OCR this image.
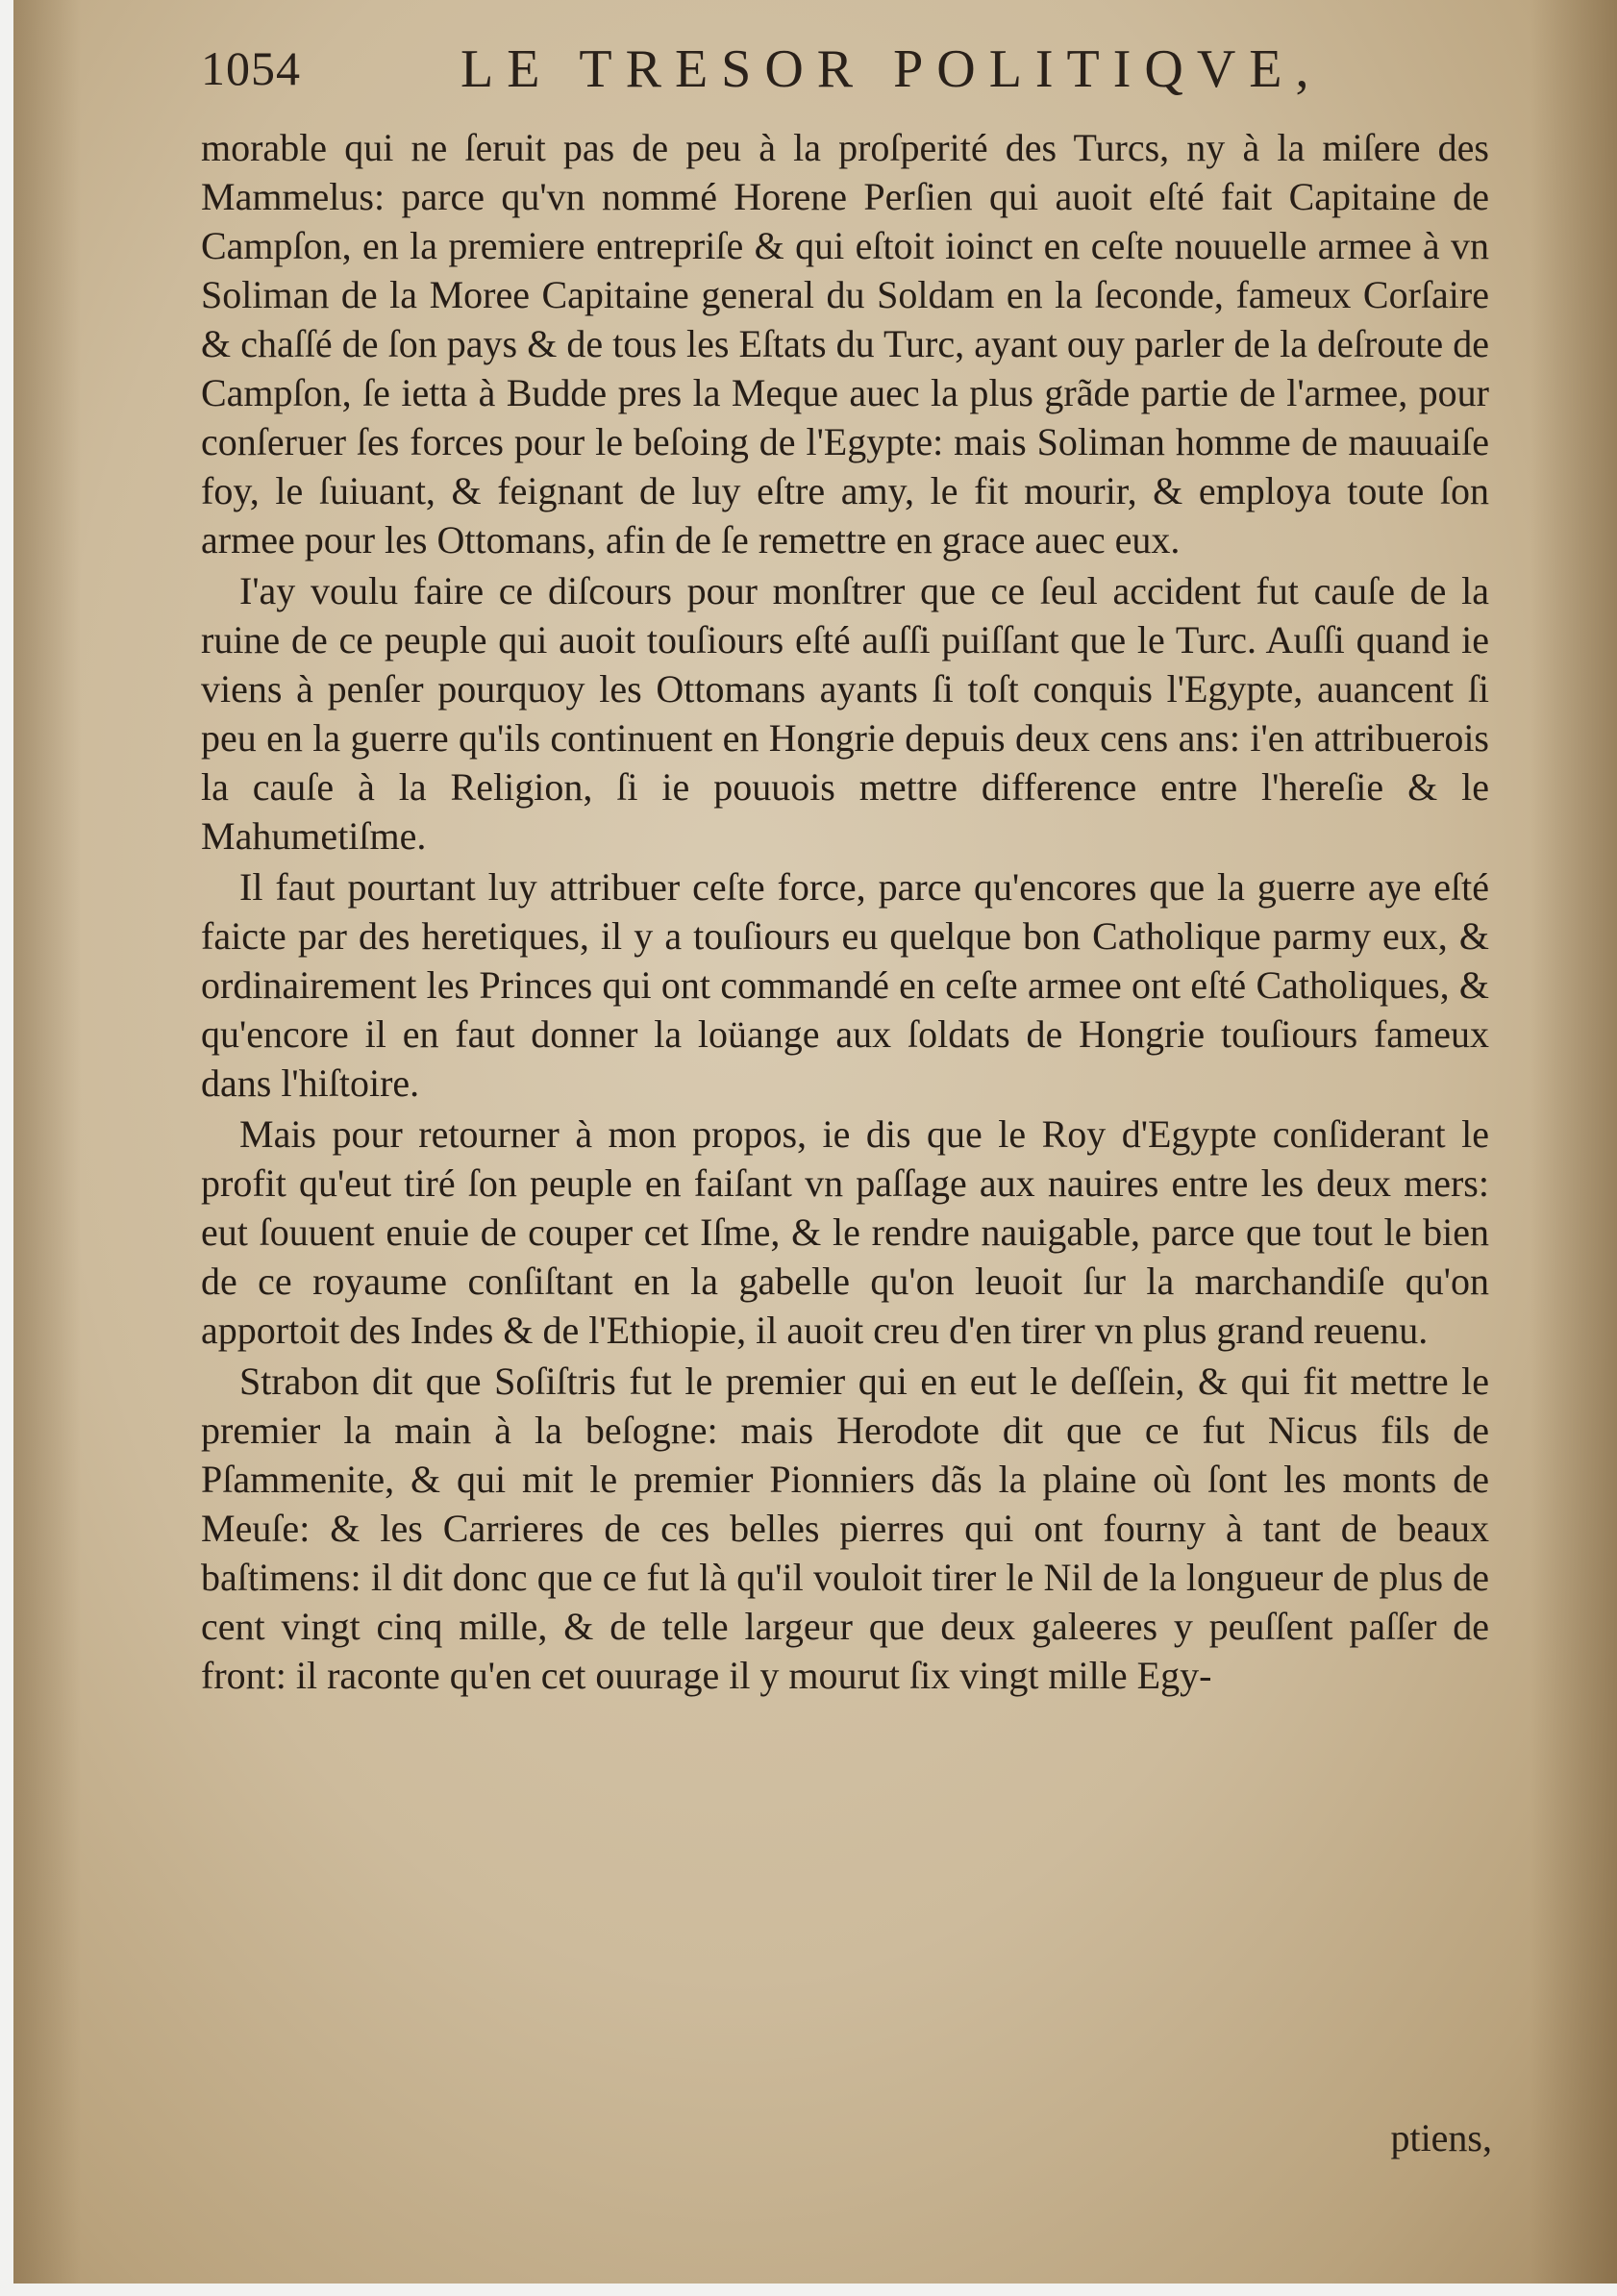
1054	LE TRESOR POLITIQVE,

morable qui ne ſeruit pas de peu à la proſperité des Turcs, ny à la miſere des Mammelus: parce qu'vn nommé Horene Perſien qui auoit eſté fait Capitaine de Campſon, en la premiere entrepriſe & qui eſtoit ioinct en ceſte nouuelle armee à vn Soliman de la Moree Capitaine general du Soldam en la ſeconde, fameux Corſaire & chaſſé de ſon pays & de tous les Eſtats du Turc, ayant ouy parler de la deſroute de Campſon, ſe ietta à Budde pres la Meque auec la plus grãde partie de l'armee, pour conſeruer ſes forces pour le beſoing de l'Egypte: mais Soliman homme de mauuaiſe foy, le ſuiuant, & feignant de luy eſtre amy, le fit mourir, & employa toute ſon armee pour les Ottomans, afin de ſe remettre en grace auec eux.

I'ay voulu faire ce diſcours pour monſtrer que ce ſeul accident fut cauſe de la ruine de ce peuple qui auoit touſiours eſté auſſi puiſſant que le Turc. Auſſi quand ie viens à penſer pourquoy les Ottomans ayants ſi toſt conquis l'Egypte, auancent ſi peu en la guerre qu'ils continuent en Hongrie depuis deux cens ans: i'en attribuerois la cauſe à la Religion, ſi ie pouuois mettre difference entre l'hereſie & le Mahumetiſme.

Il faut pourtant luy attribuer ceſte force, parce qu'encores que la guerre aye eſté faicte par des heretiques, il y a touſiours eu quelque bon Catholique parmy eux, & ordinairement les Princes qui ont commandé en ceſte armee ont eſté Catholiques, & qu'encore il en faut donner la loüange aux ſoldats de Hongrie touſiours fameux dans l'hiſtoire.

Mais pour retourner à mon propos, ie dis que le Roy d'Egypte conſiderant le profit qu'eut tiré ſon peuple en faiſant vn paſſage aux nauires entre les deux mers: eut ſouuent enuie de couper cet Iſme, & le rendre nauigable, parce que tout le bien de ce royaume conſiſtant en la gabelle qu'on leuoit ſur la marchandiſe qu'on apportoit des Indes & de l'Ethiopie, il auoit creu d'en tirer vn plus grand reuenu.

Strabon dit que Soſiſtris fut le premier qui en eut le deſſein, & qui fit mettre le premier la main à la beſogne: mais Herodote dit que ce fut Nicus fils de Pſammenite, & qui mit le premier Pionniers dãs la plaine où ſont les monts de Meuſe: & les Carrieres de ces belles pierres qui ont fourny à tant de beaux baſtimens: il dit donc que ce fut là qu'il vouloit tirer le Nil de la longueur de plus de cent vingt cinq mille, & de telle largeur que deux galeeres y peuſſent paſſer de front: il raconte qu'en cet ouurage il y mourut ſix vingt mille Egy-

ptiens,
